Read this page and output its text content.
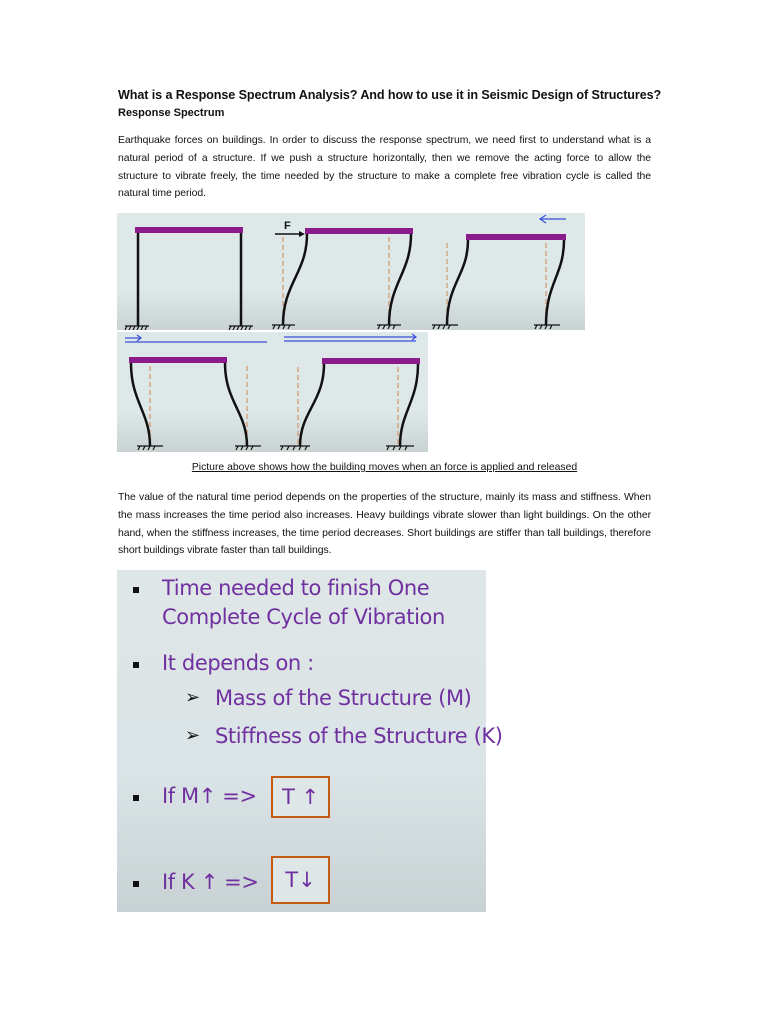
What is a Response Spectrum Analysis? And how to use it in Seismic Design of Structures?
Response Spectrum
Earthquake forces on buildings. In order to discuss the response spectrum, we need first to understand what is a natural period of a structure. If we push a structure horizontally, then we remove the acting force to allow the structure to vibrate freely, the time needed by the structure to make a complete free vibration cycle is called the natural time period.
F
Picture above shows how the building moves when an force is applied and released
The value of the natural time period depends on the properties of the structure, mainly its mass and stiffness. When the mass increases the time period also increases. Heavy buildings vibrate slower than light buildings. On the other hand, when the stiffness increases, the time period decreases. Short buildings are stiffer than tall buildings, therefore short buildings vibrate faster than tall buildings.
Time needed to finish One
Complete Cycle of Vibration
It depends on :
➢ Mass of the Structure (M)
➢ Stiffness of the Structure (K)
If M↑ =>	T ↑
If K ↑ =>	T↓
